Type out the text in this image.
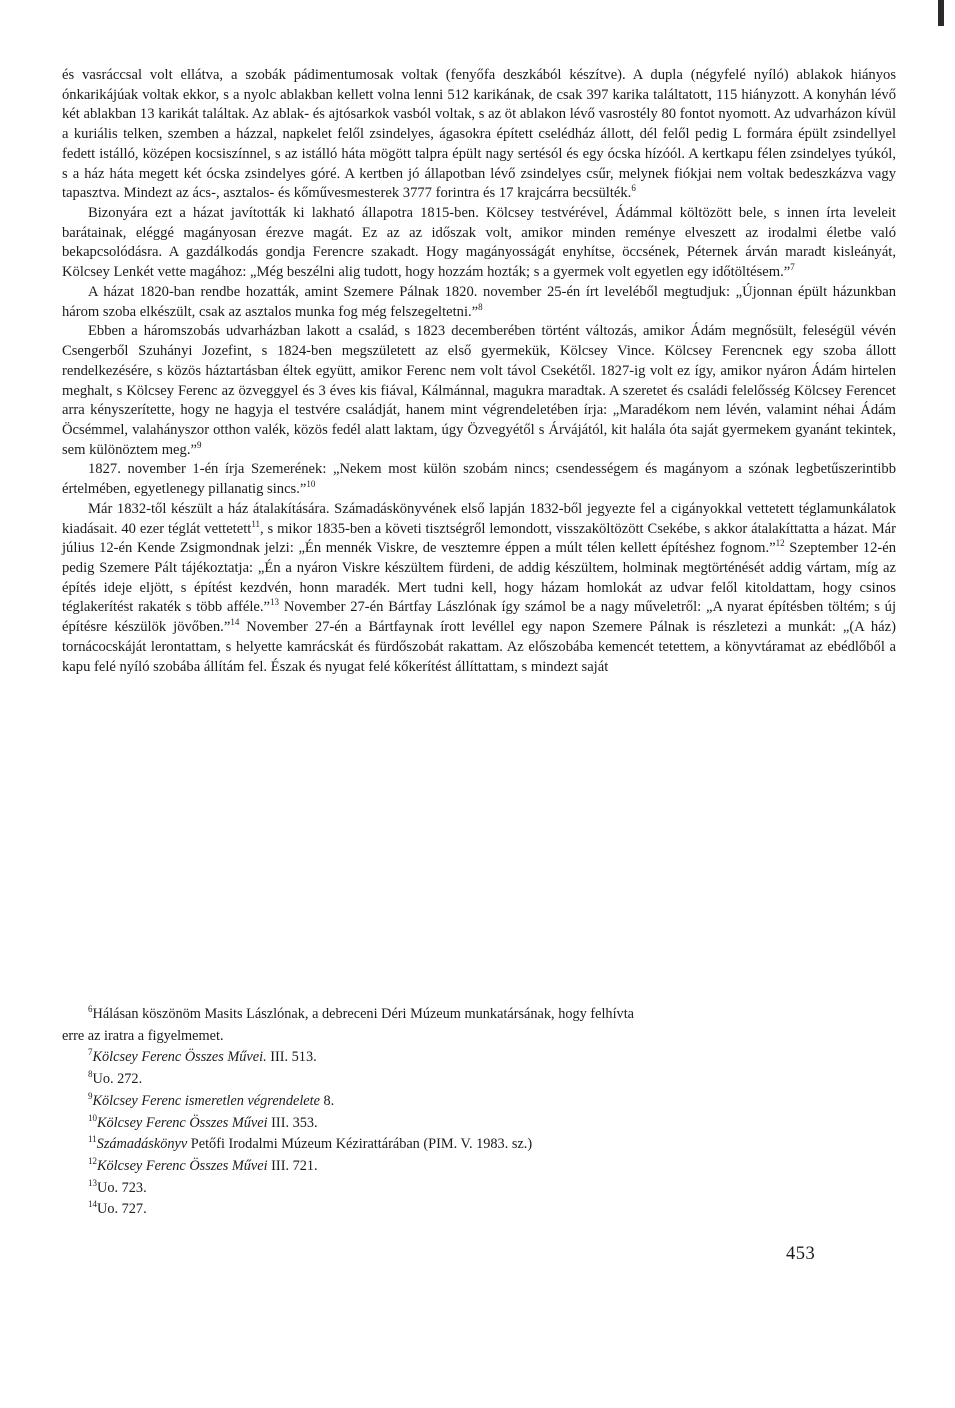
és vasráccsal volt ellátva, a szobák pádimentumosak voltak (fenyőfa deszkából készítve). A dupla (négyfelé nyíló) ablakok hiányos ónkarikájúak voltak ekkor, s a nyolc ablakban kellett volna lenni 512 karikának, de csak 397 karika találtatott, 115 hiányzott. A konyhán lévő két ablakban 13 karikát találtak. Az ablak- és ajtósarkok vasból voltak, s az öt ablakon lévő vasrostély 80 fontot nyomott. Az udvarházon kívül a kuriális telken, szemben a házzal, napkelet felől zsindelyes, ágasokra épített cselédház állott, dél felől pedig L formára épült zsindellyel fedett istálló, középen kocsiszínnel, s az istálló háta mögött talpra épült nagy sertésól és egy ócska hízóól. A kertkapu félen zsindelyes tyúkól, s a ház háta megett két ócska zsindelyes góré. A kertben jó állapotban lévő zsindelyes csűr, melynek fiókjai nem voltak bedeszkázva vagy tapasztva. Mindezt az ács-, asztalos- és kőművesmesterek 3777 forintra és 17 krajcárra becsülték.$^6$

Bizonyára ezt a házat javították ki lakható állapotra 1815-ben. Kölcsey testvérével, Ádámmal költözött bele, s innen írta leveleit barátainak, eléggé magányosan érezve magát. Ez az az időszak volt, amikor minden reménye elveszett az irodalmi életbe való bekapcsolódásra. A gazdálkodás gondja Ferencre szakadt. Hogy magányosságát enyhítse, öccsének, Péternek árván maradt kisleányát, Kölcsey Lenkét vette magához: „Még beszélni alig tudott, hogy hozzám hozták; s a gyermek volt egyetlen egy időtöltésem.”$^7$

A házat 1820-ban rendbe hozatták, amint Szemere Pálnak 1820. november 25-én írt leveléből megtudjuk: „Újonnan épült házunkban három szoba elkészült, csak az asztalos munka fog még felszegeltetni.”$^8$

Ebben a háromszobás udvarházban lakott a család, s 1823 decemberében történt változás, amikor Ádám megnősült, feleségül vévén Csengerből Szuhányi Jozefint, s 1824-ben megszületett az első gyermekük, Kölcsey Vince. Kölcsey Ferencnek egy szoba állott rendelkezésére, s közös háztartásban éltek együtt, amikor Ferenc nem volt távol Csekétől. 1827-ig volt ez így, amikor nyáron Ádám hirtelen meghalt, s Kölcsey Ferenc az özveggyel és 3 éves kis fiával, Kálmánnal, magukra maradtak. A szeretet és családi felelősség Kölcsey Ferencet arra kényszerítette, hogy ne hagyja el testvére családját, hanem mint végrendeletében írja: „Maradékom nem lévén, valamint néhai Ádám Öcsémmel, valahányszor otthon valék, közös fedél alatt laktam, úgy Özvegyétől s Árvájától, kit halála óta saját gyermekem gyanánt tekintek, sem különöztem meg.”$^9$

1827. november 1-én írja Szemerének: „Nekem most külön szobám nincs; csendességem és magányom a szónak legbetűszerintibb értelmében, egyetlenegy pillanatig sincs.”$^{10}$

Már 1832-től készült a ház átalakítására. Számadáskönyvének első lapján 1832-ből jegyezte fel a cigányokkal vettetett téglamunkálatok kiadásait. 40 ezer téglát vettetett$^{11}$, s mikor 1835-ben a követi tisztségről lemondott, visszaköltözött Csekébe, s akkor átalakíttatta a házat. Már július 12-én Kende Zsigmondnak jelzi: „Én mennék Viskre, de vesztemre éppen a múlt télen kellett építéshez fognom.”$^{12}$ Szeptember 12-én pedig Szemere Pált tájékoztatja: „Én a nyáron Viskre készültem fürdeni, de addig készültem, holminak megtörténését addig vártam, míg az építés ideje eljött, s építést kezdvén, honn maradék. Mert tudni kell, hogy házam homlokát az udvar felől kitoldattam, hogy csinos téglakerítést rakaték s több afféle.”$^{13}$ November 27-én Bártfay Lászlónak így számol be a nagy műveletről: „A nyarat építésben töltém; s új építésre készülök jövőben.”$^{14}$ November 27-én a Bártfaynak írott levéllel egy napon Szemere Pálnak is részletezi a munkát: „(A ház) tornácocskáját lerontattam, s helyette kamrácskát és fürdőszobát rakattam. Az előszobába kemencét tetettem, a könyvtáramat az ebédlőből a kapu felé nyíló szobába állítám fel. Észak és nyugat felé kőkerítést állíttattam, s mindezt saját

$^6$Hálásan köszönöm Masits Lászlónak, a debreceni Déri Múzeum munkatársának, hogy felhívta
erre az iratra a figyelmemet.

$^7$Kölcsey Ferenc Összes Művei. III. 513.

$^8$Uo. 272.

$^9$Kölcsey Ferenc ismeretlen végrendelete 8.

$^{10}$Kölcsey Ferenc Összes Művei III. 353.

$^{11}$Számadáskönyv Petőfi Irodalmi Múzeum Kézirattárában (PIM. V. 1983. sz.)

$^{12}$Kölcsey Ferenc Összes Művei III. 721.

$^{13}$Uo. 723.

$^{14}$Uo. 727.

453
